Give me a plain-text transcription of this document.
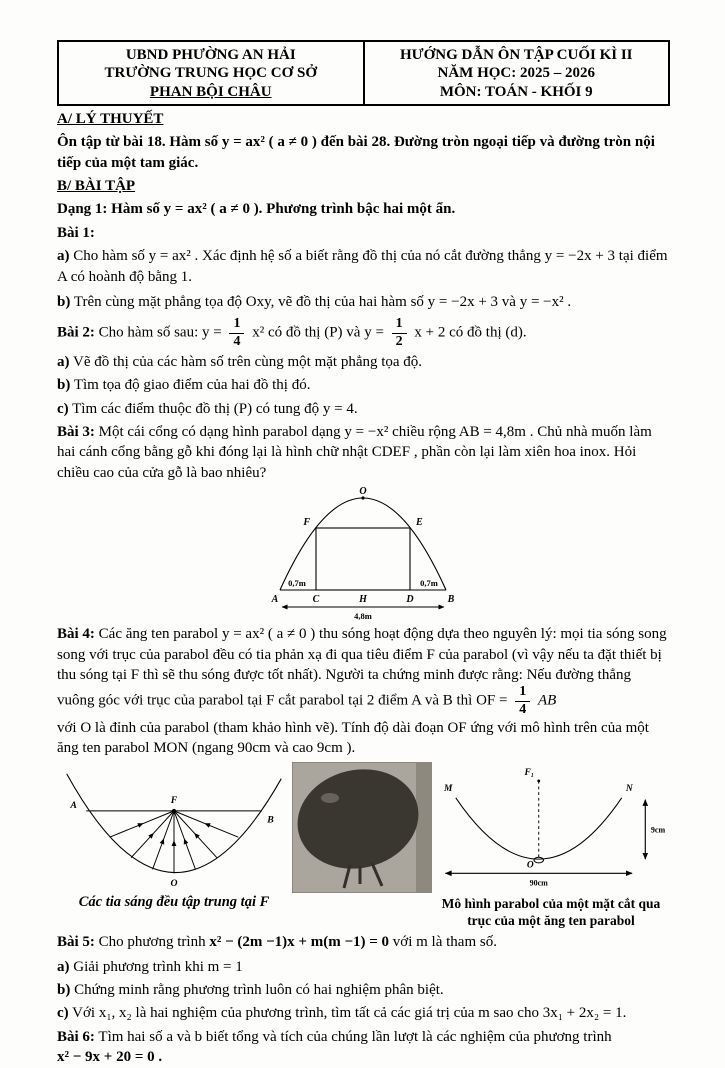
UBND PHƯỜNG AN HẢI
TRƯỜNG TRUNG HỌC CƠ SỞ
PHAN BỘI CHÂU
HƯỚNG DẪN ÔN TẬP CUỐI KÌ II
NĂM HỌC: 2025 – 2026
MÔN: TOÁN - KHỐI 9

A/ LÝ THUYẾT

Ôn tập từ bài 18. Hàm số y = ax² ( a ≠ 0 ) đến bài 28. Đường tròn ngoại tiếp và đường tròn nội tiếp của một tam giác.

B/ BÀI TẬP

Dạng 1: Hàm số y = ax² ( a ≠ 0 ). Phương trình bậc hai một ẩn.

Bài 1:

a) Cho hàm số y = ax² . Xác định hệ số a biết rằng đồ thị của nó cắt đường thẳng y = −2x + 3 tại điểm A có hoành độ bằng 1.

b) Trên cùng mặt phẳng tọa độ Oxy, vẽ đồ thị của hai hàm số y = −2x + 3 và y = −x² .

Bài 2: Cho hàm số sau: $y = \frac{1}{4} x^2$ có đồ thị (P) và $y = \frac{1}{2}$ x + 2 có đồ thị (d).

a) Vẽ đồ thị của các hàm số trên cùng một mặt phẳng tọa độ.

b) Tìm tọa độ giao điểm của hai đồ thị đó.

c) Tìm các điểm thuộc đồ thị (P) có tung độ y = 4.

Bài 3: Một cái cổng có dạng hình parabol dạng y = −x² chiều rộng AB = 4,8m . Chủ nhà muốn làm hai cánh cổng bằng gỗ khi đóng lại là hình chữ nhật CDEF , phần còn lại làm xiên hoa inox. Hỏi chiều cao của cửa gỗ là bao nhiêu?

O
F	E
0,7m	0,7m
A	C	H	D	B
4,8m

Bài 4: Các ăng ten parabol y = ax² ( a ≠ 0 ) thu sóng hoạt động dựa theo nguyên lý: mọi tia sóng song song với trục của parabol đều có tia phản xạ đi qua tiêu điểm F của parabol (vì vậy nếu ta đặt thiết bị thu sóng tại F thì sẽ thu sóng được tốt nhất). Người ta chứng minh được rằng: Nếu đường thẳng vuông góc với trục của parabol tại F cắt parabol tại 2 điểm A và B thì OF = $\frac{1}{4}$ AB

với O là đỉnh của parabol (tham khảo hình vẽ). Tính độ dài đoạn OF ứng với mô hình trên của một ăng ten parabol MON (ngang 90cm và cao 9cm ).

A	F
B
O
Các tia sáng đều tập trung tại F
F₁
M	N
O
90cm
9cm
Mô hình parabol của một mặt cắt qua trục của một ăng ten parabol

Bài 5: Cho phương trình x² − (2m −1)x + m(m −1) = 0 với m là tham số.

a) Giải phương trình khi m = 1

b) Chứng minh rằng phương trình luôn có hai nghiệm phân biệt.

c) Với x₁, x₂ là hai nghiệm của phương trình, tìm tất cả các giá trị của m sao cho 3x₁ + 2x₂ = 1.

Bài 6: Tìm hai số a và b biết tổng và tích của chúng lần lượt là các nghiệm của phương trình

x² − 9x + 20 = 0 .
